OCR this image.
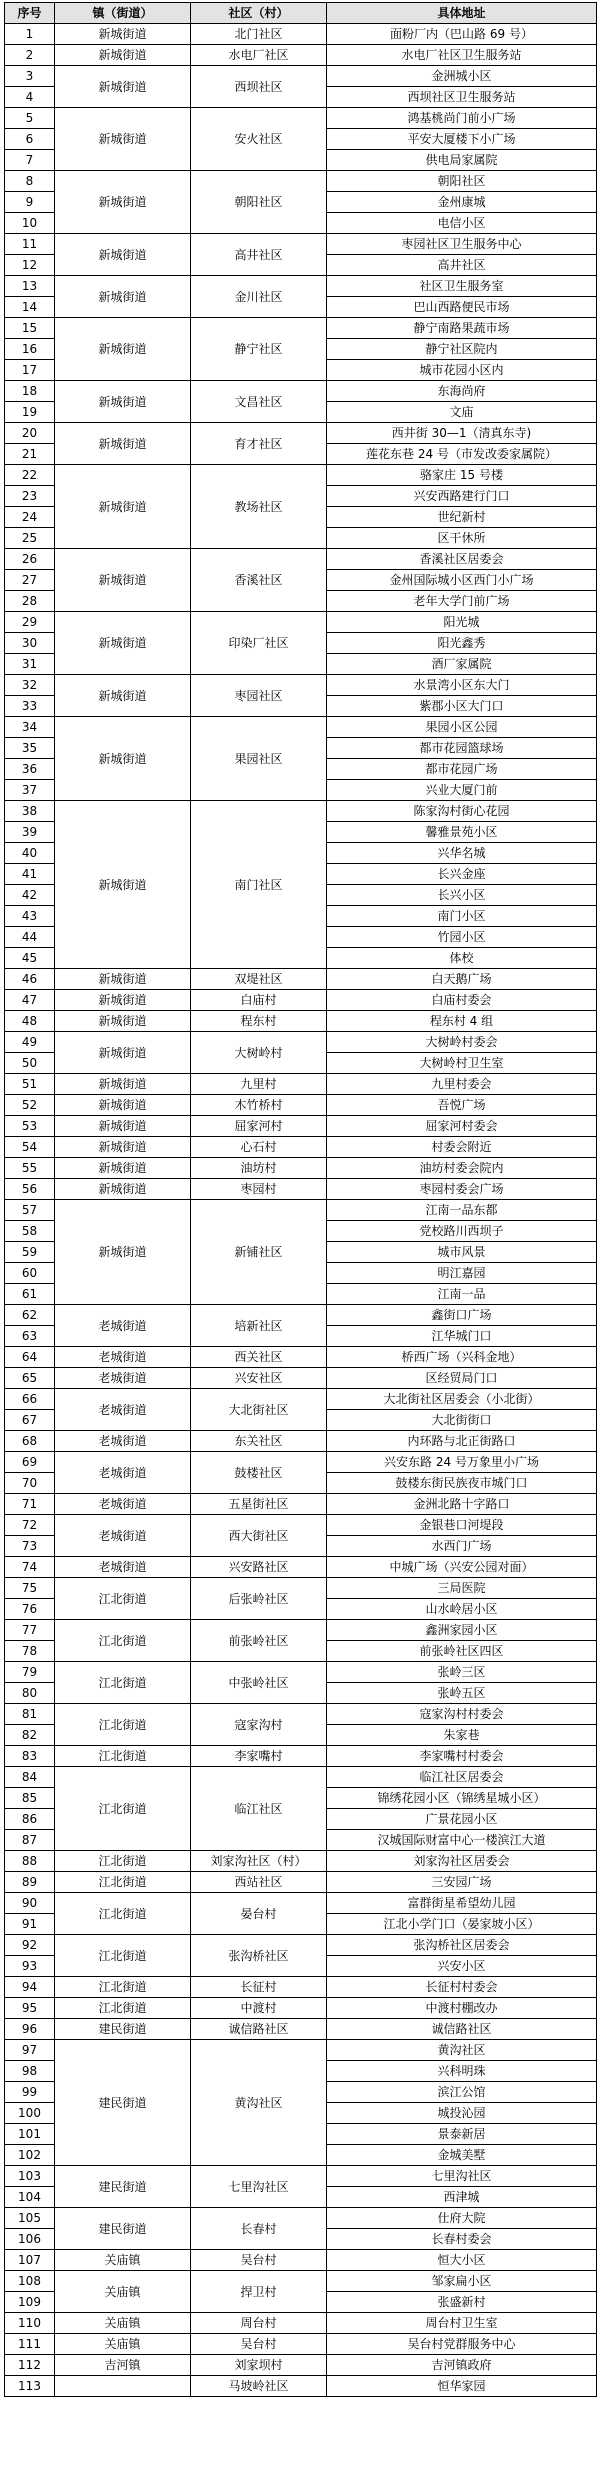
序号	镇（街道）	社区（村）	具体地址
1	新城街道	北门社区	面粉厂内（巴山路 69 号）
2	新城街道	水电厂社区	水电厂社区卫生服务站
3	新城街道	西坝社区	金洲城小区
4			西坝社区卫生服务站
5	新城街道	安火社区	鸿基桃尚门前小广场
6			平安大厦楼下小广场
7			供电局家属院
8	新城街道	朝阳社区	朝阳社区
9			金州康城
10			电信小区
11	新城街道	高井社区	枣园社区卫生服务中心
12			高井社区
13	新城街道	金川社区	社区卫生服务室
14			巴山西路便民市场
15	新城街道	静宁社区	静宁南路果蔬市场
16			静宁社区院内
17			城市花园小区内
18	新城街道	文昌社区	东海尚府
19			文庙
20	新城街道	育才社区	西井街 30—1（清真东寺)
21			莲花东巷 24 号（市发改委家属院）
22	新城街道	教场社区	骆家庄 15 号楼
23			兴安西路建行门口
24			世纪新村
25			区干休所
26	新城街道	香溪社区	香溪社区居委会
27			金州国际城小区西门小广场
28			老年大学门前广场
29	新城街道	印染厂社区	阳光城
30			阳光鑫秀
31			酒厂家属院
32	新城街道	枣园社区	水景湾小区东大门
33			紫郡小区大门口
34	新城街道	果园社区	果园小区公园
35			都市花园篮球场
36			都市花园广场
37			兴业大厦门前
38	新城街道	南门社区	陈家沟村街心花园
39			馨雅景苑小区
40			兴华名城
41			长兴金座
42			长兴小区
43			南门小区
44			竹园小区
45			体校
46	新城街道	双堤社区	白天鹅广场
47	新城街道	白庙村	白庙村委会
48	新城街道	程东村	程东村 4 组
49	新城街道	大树岭村	大树岭村委会
50			大树岭村卫生室
51	新城街道	九里村	九里村委会
52	新城街道	木竹桥村	吾悦广场
53	新城街道	屈家河村	屈家河村委会
54	新城街道	心石村	村委会附近
55	新城街道	油坊村	油坊村委会院内
56	新城街道	枣园村	枣园村委会广场
57	新城街道	新铺社区	江南一品东都
58			党校路川西坝子
59			城市风景
60			明江嘉园
61			江南一品
62	老城街道	培新社区	鑫街口广场
63			江华城门口
64	老城街道	西关社区	桥西广场（兴科金地）
65	老城街道	兴安社区	区经贸局门口
66	老城街道	大北街社区	大北街社区居委会（小北街）
67			大北街街口
68	老城街道	东关社区	内环路与北正街路口
69	老城街道	鼓楼社区	兴安东路 24 号万象里小广场
70			鼓楼东街民族夜市城门口
71	老城街道	五星街社区	金洲北路十字路口
72	老城街道	西大街社区	金银巷口河堤段
73			水西门广场
74	老城街道	兴安路社区	中城广场（兴安公园对面）
75	江北街道	后张岭社区	三局医院
76			山水岭居小区
77	江北街道	前张岭社区	鑫洲家园小区
78			前张岭社区四区
79	江北街道	中张岭社区	张岭三区
80			张岭五区
81	江北街道	寇家沟村	寇家沟村村委会
82			朱家巷
83	江北街道	李家嘴村	李家嘴村村委会
84	江北街道	临江社区	临江社区居委会
85			锦绣花园小区（锦绣星城小区）
86			广景花园小区
87			汉城国际财富中心一楼滨江大道
88	江北街道	刘家沟社区（村）	刘家沟社区居委会
89	江北街道	西站社区	三安园广场
90	江北街道	晏台村	富群街星希望幼儿园
91			江北小学门口（晏家坡小区）
92	江北街道	张沟桥社区	张沟桥社区居委会
93			兴安小区
94	江北街道	长征村	长征村村委会
95	江北街道	中渡村	中渡村棚改办
96	建民街道	诚信路社区	诚信路社区
97	建民街道	黄沟社区	黄沟社区
98			兴科明珠
99			滨江公馆
100			城投沁园
101			景泰新居
102			金城美墅
103	建民街道	七里沟社区	七里沟社区
104			西津城
105	建民街道	长春村	仕府大院
106			长春村委会
107	关庙镇	吴台村	恒大小区
108	关庙镇	捍卫村	邹家扁小区
109			张盛新村
110	关庙镇	周台村	周台村卫生室
111	关庙镇	吴台村	吴台村党群服务中心
112	吉河镇	刘家坝村	吉河镇政府
113		马坡岭社区	恒华家园
